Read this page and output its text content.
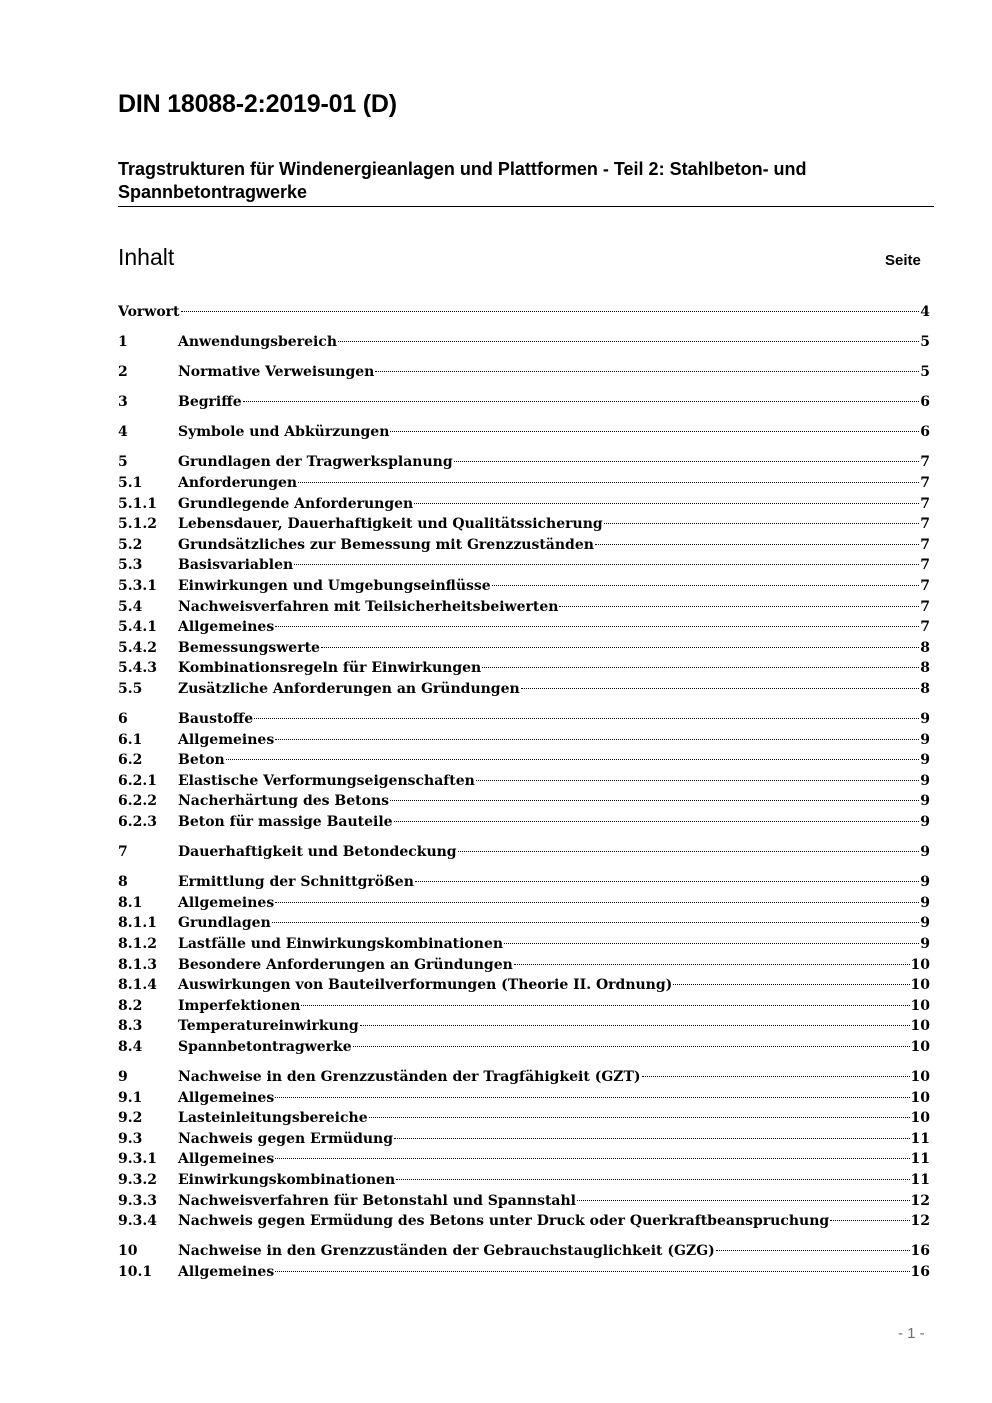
DIN 18088-2:2019-01 (D)
Tragstrukturen für Windenergieanlagen und Plattformen - Teil 2: Stahlbeton- und
Spannbetontragwerke
Inhalt	Seite
Vorwort	4
1	Anwendungsbereich	5
2	Normative Verweisungen	5
3	Begriffe	6
4	Symbole und Abkürzungen	6
5	Grundlagen der Tragwerksplanung	7
5.1	Anforderungen	7
5.1.1	Grundlegende Anforderungen	7
5.1.2	Lebensdauer, Dauerhaftigkeit und Qualitätssicherung	7
5.2	Grundsätzliches zur Bemessung mit Grenzzuständen	7
5.3	Basisvariablen	7
5.3.1	Einwirkungen und Umgebungseinflüsse	7
5.4	Nachweisverfahren mit Teilsicherheitsbeiwerten	7
5.4.1	Allgemeines	7
5.4.2	Bemessungswerte	8
5.4.3	Kombinationsregeln für Einwirkungen	8
5.5	Zusätzliche Anforderungen an Gründungen	8
6	Baustoffe	9
6.1	Allgemeines	9
6.2	Beton	9
6.2.1	Elastische Verformungseigenschaften	9
6.2.2	Nacherhärtung des Betons	9
6.2.3	Beton für massige Bauteile	9
7	Dauerhaftigkeit und Betondeckung	9
8	Ermittlung der Schnittgrößen	9
8.1	Allgemeines	9
8.1.1	Grundlagen	9
8.1.2	Lastfälle und Einwirkungskombinationen	9
8.1.3	Besondere Anforderungen an Gründungen	10
8.1.4	Auswirkungen von Bauteilverformungen (Theorie II. Ordnung)	10
8.2	Imperfektionen	10
8.3	Temperatureinwirkung	10
8.4	Spannbetontragwerke	10
9	Nachweise in den Grenzzuständen der Tragfähigkeit (GZT)	10
9.1	Allgemeines	10
9.2	Lasteinleitungsbereiche	10
9.3	Nachweis gegen Ermüdung	11
9.3.1	Allgemeines	11
9.3.2	Einwirkungskombinationen	11
9.3.3	Nachweisverfahren für Betonstahl und Spannstahl	12
9.3.4	Nachweis gegen Ermüdung des Betons unter Druck oder Querkraftbeanspruchung	12
10	Nachweise in den Grenzzuständen der Gebrauchstauglichkeit (GZG)	16
10.1	Allgemeines	16
- 1 -
